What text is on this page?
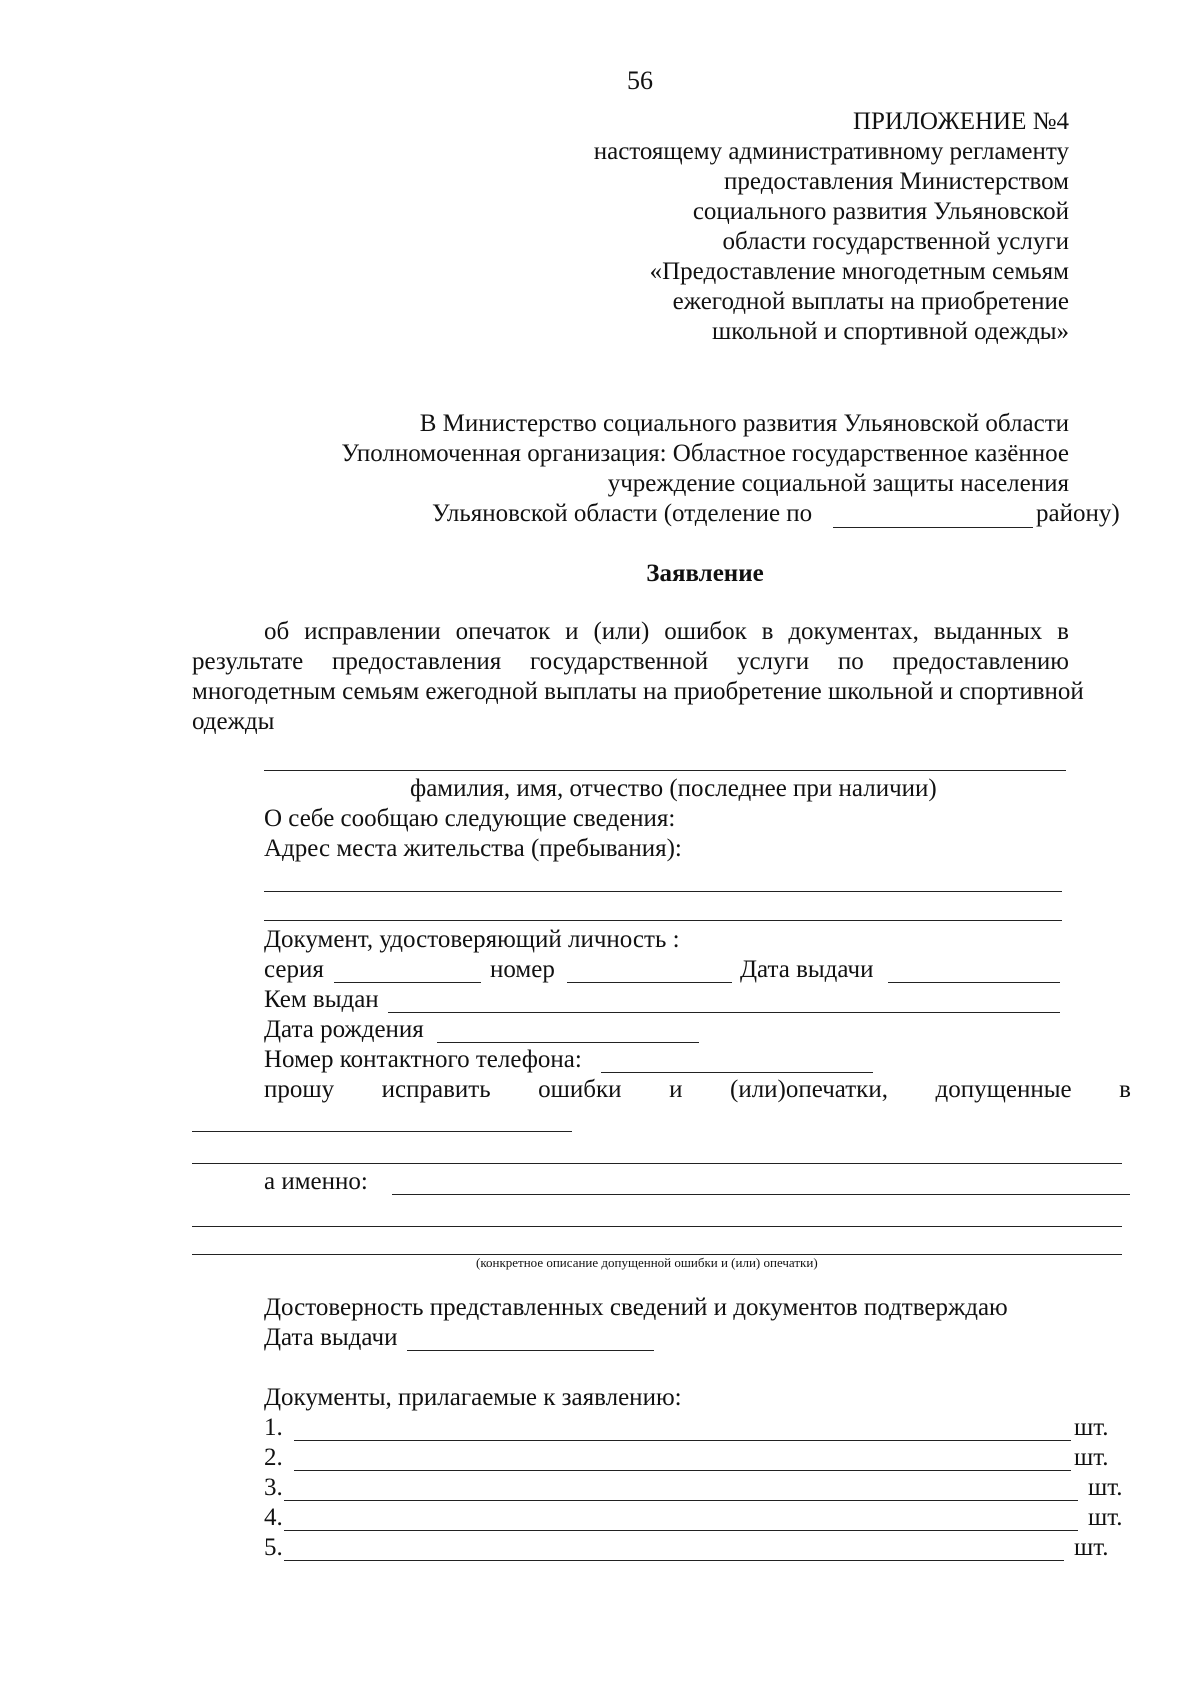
56
ПРИЛОЖЕНИЕ №4
настоящему административному регламенту
предоставления Министерством
социального развития Ульяновской
области государственной услуги
«Предоставление многодетным семьям
ежегодной выплаты на приобретение
школьной и спортивной одежды»
В Министерство социального развития Ульяновской области
Уполномоченная организация: Областное государственное казённое
учреждение социальной защиты населения
Ульяновской области (отделение по	району)
Заявление
об исправлении опечаток и (или) ошибок в документах, выданных в
результате предоставления государственной услуги по предоставлению
многодетным семьям ежегодной выплаты на приобретение школьной и спортивной
одежды
фамилия, имя, отчество (последнее при наличии)
О себе сообщаю следующие сведения:
Адрес места жительства (пребывания):
Документ, удостоверяющий личность :
серия	номер	Дата выдачи
Кем выдан
Дата рождения
Номер контактного телефона:
прошу исправить ошибки и (или)опечатки, допущенные в
а именно:
(конкретное описание допущенной ошибки и (или) опечатки)
Достоверность представленных сведений и документов подтверждаю
Дата выдачи
Документы, прилагаемые к заявлению:
1.	шт.
2.	шт.
3.	шт.
4.	шт.
5.	шт.
